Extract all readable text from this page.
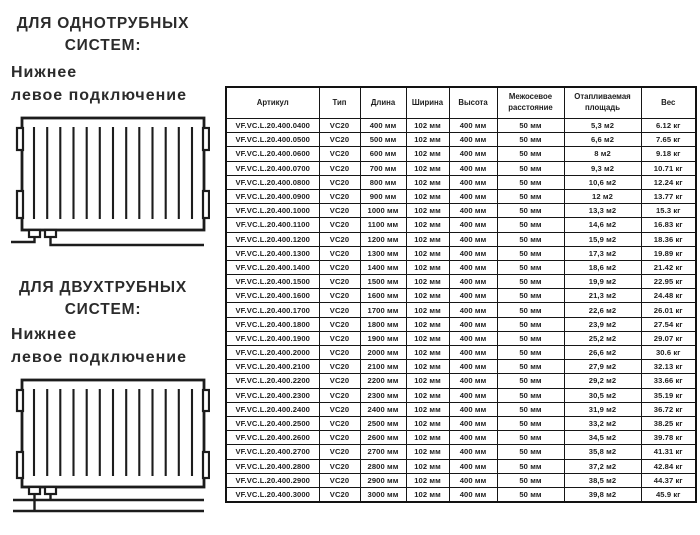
ДЛЯ ОДНОТРУБНЫХ
СИСТЕМ:

Нижнее
левое подключение

ДЛЯ ДВУХТРУБНЫХ
СИСТЕМ:

Нижнее
левое подключение

Артикул	Тип	Длина	Ширина	Высота	Межосевое расстояние	Отапливаемая площадь	Вес
VF.VC.L.20.400.0400	VC20	400 мм	102 мм	400 мм	50 мм	5,3 м2	6.12 кг
VF.VC.L.20.400.0500	VC20	500 мм	102 мм	400 мм	50 мм	6,6 м2	7.65 кг
VF.VC.L.20.400.0600	VC20	600 мм	102 мм	400 мм	50 мм	8 м2	9.18 кг
VF.VC.L.20.400.0700	VC20	700 мм	102 мм	400 мм	50 мм	9,3 м2	10.71 кг
VF.VC.L.20.400.0800	VC20	800 мм	102 мм	400 мм	50 мм	10,6 м2	12.24 кг
VF.VC.L.20.400.0900	VC20	900 мм	102 мм	400 мм	50 мм	12 м2	13.77 кг
VF.VC.L.20.400.1000	VC20	1000 мм	102 мм	400 мм	50 мм	13,3 м2	15.3 кг
VF.VC.L.20.400.1100	VC20	1100 мм	102 мм	400 мм	50 мм	14,6 м2	16.83 кг
VF.VC.L.20.400.1200	VC20	1200 мм	102 мм	400 мм	50 мм	15,9 м2	18.36 кг
VF.VC.L.20.400.1300	VC20	1300 мм	102 мм	400 мм	50 мм	17,3 м2	19.89 кг
VF.VC.L.20.400.1400	VC20	1400 мм	102 мм	400 мм	50 мм	18,6 м2	21.42 кг
VF.VC.L.20.400.1500	VC20	1500 мм	102 мм	400 мм	50 мм	19,9 м2	22.95 кг
VF.VC.L.20.400.1600	VC20	1600 мм	102 мм	400 мм	50 мм	21,3 м2	24.48 кг
VF.VC.L.20.400.1700	VC20	1700 мм	102 мм	400 мм	50 мм	22,6 м2	26.01 кг
VF.VC.L.20.400.1800	VC20	1800 мм	102 мм	400 мм	50 мм	23,9 м2	27.54 кг
VF.VC.L.20.400.1900	VC20	1900 мм	102 мм	400 мм	50 мм	25,2 м2	29.07 кг
VF.VC.L.20.400.2000	VC20	2000 мм	102 мм	400 мм	50 мм	26,6 м2	30.6 кг
VF.VC.L.20.400.2100	VC20	2100 мм	102 мм	400 мм	50 мм	27,9 м2	32.13 кг
VF.VC.L.20.400.2200	VC20	2200 мм	102 мм	400 мм	50 мм	29,2 м2	33.66 кг
VF.VC.L.20.400.2300	VC20	2300 мм	102 мм	400 мм	50 мм	30,5 м2	35.19 кг
VF.VC.L.20.400.2400	VC20	2400 мм	102 мм	400 мм	50 мм	31,9 м2	36.72 кг
VF.VC.L.20.400.2500	VC20	2500 мм	102 мм	400 мм	50 мм	33,2 м2	38.25 кг
VF.VC.L.20.400.2600	VC20	2600 мм	102 мм	400 мм	50 мм	34,5 м2	39.78 кг
VF.VC.L.20.400.2700	VC20	2700 мм	102 мм	400 мм	50 мм	35,8 м2	41.31 кг
VF.VC.L.20.400.2800	VC20	2800 мм	102 мм	400 мм	50 мм	37,2 м2	42.84 кг
VF.VC.L.20.400.2900	VC20	2900 мм	102 мм	400 мм	50 мм	38,5 м2	44.37 кг
VF.VC.L.20.400.3000	VC20	3000 мм	102 мм	400 мм	50 мм	39,8 м2	45.9 кг
